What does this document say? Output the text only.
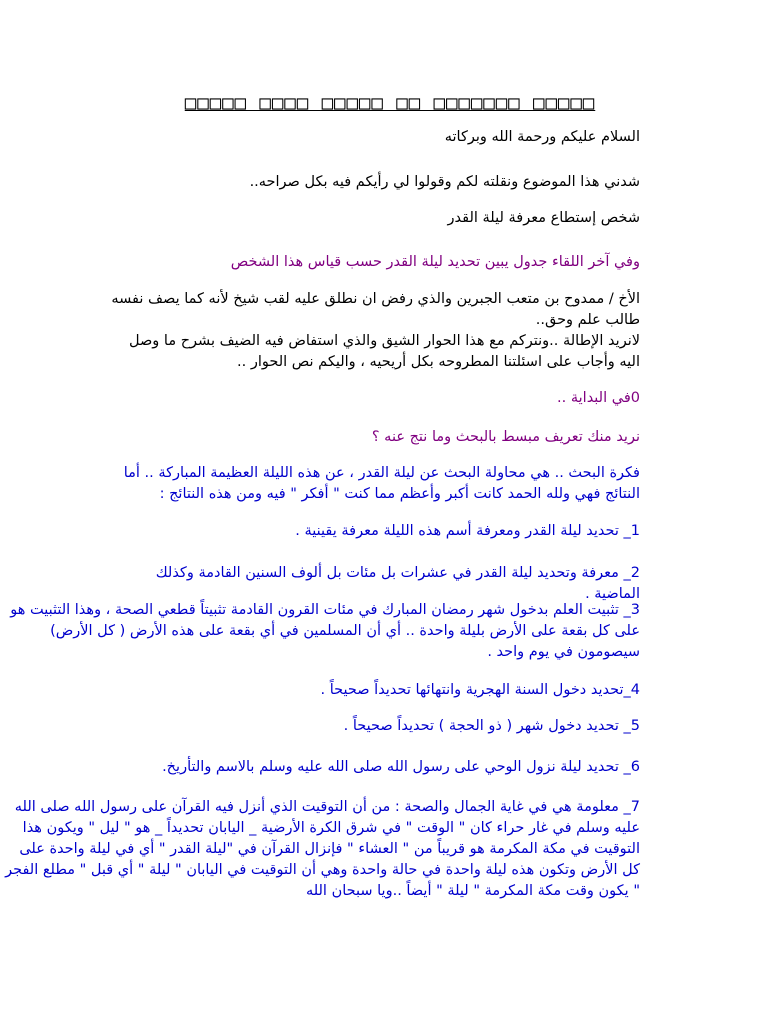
□□□□□ □□□□ □□□□□ □□ □□□□□□□ □□□□□
السلام عليكم ورحمة الله وبركاته
شدني هذا الموضوع ونقلته لكم وقولوا لي رأيكم فيه بكل صراحه..
شخص إستطاع معرفة ليلة القدر
وفي آخر اللقاء جدول يبين تحديد ليلة القدر حسب قياس هذا الشخص
الأخ / ممدوح بن متعب الجبرين والذي رفض ان نطلق عليه لقب شيخ لأنه كما يصف نفسه طالب علم وحق..
لانريد الإطالة ..ونتركم مع هذا الحوار الشيق والذي استفاض فيه الضيف بشرح ما وصل اليه وأجاب على اسئلتنا المطروحه بكل أريحيه ، واليكم نص الحوار ..
0في البداية ..
نريد منك تعريف مبسط بالبحث وما نتج عنه ؟
فكرة البحث .. هي محاولة البحث عن ليلة القدر ، عن هذه الليلة العظيمة المباركة .. أما النتائج فهي ولله الحمد كانت أكبر وأعظم مما كنت " أفكر " فيه ومن هذه النتائج :
1_ تحديد ليلة القدر ومعرفة أسم هذه الليلة معرفة يقينية .
2_ معرفة وتحديد ليلة القدر في عشرات بل مئات بل ألوف السنين القادمة وكذلك الماضية .
3_ تثبيت العلم بدخول شهر رمضان المبارك في مئات القرون القادمة تثبيتاً قطعي الصحة ، وهذا التثبيت هو على كل بقعة على الأرض بليلة واحدة .. أي أن المسلمين في أي بقعة على هذه الأرض ( كل الأرض) سيصومون في يوم واحد .
4_تحديد دخول السنة الهجرية وانتهائها تحديداً صحيحاً .
5_ تحديد دخول شهر ( ذو الحجة ) تحديداً صحيحاً .
6_ تحديد ليلة نزول الوحي على رسول الله صلى الله عليه وسلم بالاسم والتأريخ.
7_ معلومة هي في غاية الجمال والصحة : من أن التوقيت الذي أنزل فيه القرآن على رسول الله صلى الله عليه وسلم في غار حراء كان " الوقت " في شرق الكرة الأرضية _ اليابان تحديداً _ هو " ليل " ويكون هذا التوقيت في مكة المكرمة هو قريباً من " العشاء " فإنزال القرآن في "ليلة القدر " أي في ليلة واحدة على كل الأرض وتكون هذه ليلة واحدة في حالة واحدة وهي أن التوقيت في اليابان " ليلة " أي قبل " مطلع الفجر " يكون وقت مكة المكرمة " ليلة " أيضاً ..ويا سبحان الله
